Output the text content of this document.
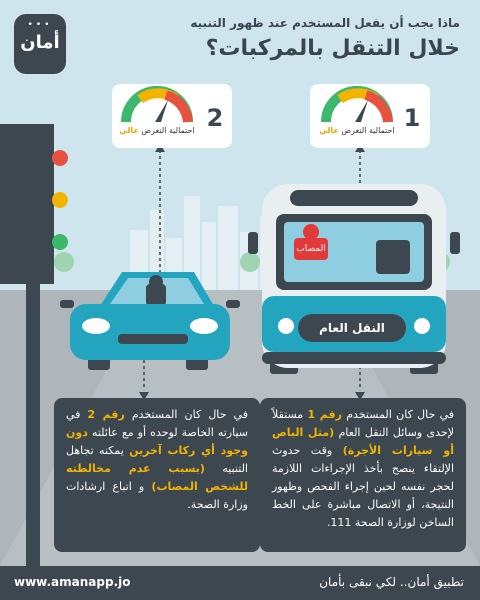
•••
أمان
ماذا يجب أن يفعل المستخدم عند ظهور التنبيه
خلال التنقل بالمركبات؟
1
احتمالية التعرض عالي
2
احتمالية التعرض عالي
المصاب
النقل العام
في حال كان المستخدم رقم 1 مستقلاً لإحدى وسائل النقل العام (مثل الباص أو سيارات الأجرة) وقت حدوث الإلتقاء ينصح بأخذ الإجراءات اللازمة لحجر نفسه لحين إجراء الفحص وظهور النتيجة، أو الاتصال مباشرة على الخط الساخن لوزارة الصحة 111.
في حال كان المستخدم رقم 2 في سيارته الخاصة لوحده أو مع عائلته دون وجود أي ركاب آخرين يمكنه تجاهل التنبيه (بسبب عدم مخالطته للشخص المصاب) و اتباع ارشادات وزارة الصحة.
www.amanapp.jo	تطبيق أمان.. لكي نبقى بأمان
